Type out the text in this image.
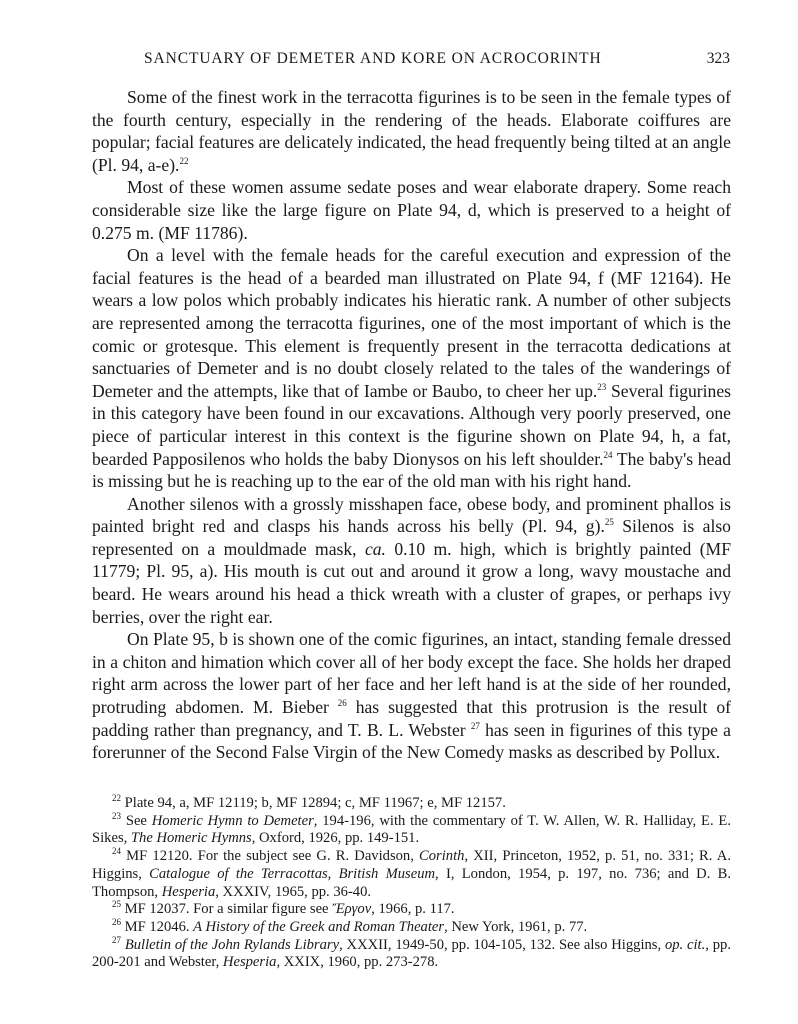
SANCTUARY OF DEMETER AND KORE ON ACROCORINTH	323

Some of the finest work in the terracotta figurines is to be seen in the female types of the fourth century, especially in the rendering of the heads. Elaborate coiffures are popular; facial features are delicately indicated, the head frequently being tilted at an angle (Pl. 94, a-e).$^{22}$

Most of these women assume sedate poses and wear elaborate drapery. Some reach considerable size like the large figure on Plate 94, d, which is preserved to a height of 0.275 m. (MF 11786).

On a level with the female heads for the careful execution and expression of the facial features is the head of a bearded man illustrated on Plate 94, f (MF 12164). He wears a low polos which probably indicates his hieratic rank. A number of other subjects are represented among the terracotta figurines, one of the most important of which is the comic or grotesque. This element is frequently present in the terracotta dedications at sanctuaries of Demeter and is no doubt closely related to the tales of the wanderings of Demeter and the attempts, like that of Iambe or Baubo, to cheer her up.$^{23}$ Several figurines in this category have been found in our excavations. Although very poorly preserved, one piece of particular interest in this context is the figurine shown on Plate 94, h, a fat, bearded Papposilenos who holds the baby Dionysos on his left shoulder.$^{24}$ The baby's head is missing but he is reaching up to the ear of the old man with his right hand.

Another silenos with a grossly misshapen face, obese body, and prominent phallos is painted bright red and clasps his hands across his belly (Pl. 94, g).$^{25}$ Silenos is also represented on a mouldmade mask, ca. 0.10 m. high, which is brightly painted (MF 11779; Pl. 95, a). His mouth is cut out and around it grow a long, wavy moustache and beard. He wears around his head a thick wreath with a cluster of grapes, or perhaps ivy berries, over the right ear.

On Plate 95, b is shown one of the comic figurines, an intact, standing female dressed in a chiton and himation which cover all of her body except the face. She holds her draped right arm across the lower part of her face and her left hand is at the side of her rounded, protruding abdomen. M. Bieber $^{26}$ has suggested that this protrusion is the result of padding rather than pregnancy, and T. B. L. Webster $^{27}$ has seen in figurines of this type a forerunner of the Second False Virgin of the New Comedy masks as described by Pollux.

$^{22}$ Plate 94, a, MF 12119; b, MF 12894; c, MF 11967; e, MF 12157.

$^{23}$ See Homeric Hymn to Demeter, 194-196, with the commentary of T. W. Allen, W. R. Halliday, E. E. Sikes, The Homeric Hymns, Oxford, 1926, pp. 149-151.

$^{24}$ MF 12120. For the subject see G. R. Davidson, Corinth, XII, Princeton, 1952, p. 51, no. 331; R. A. Higgins, Catalogue of the Terracottas, British Museum, I, London, 1954, p. 197, no. 736; and D. B. Thompson, Hesperia, XXXIV, 1965, pp. 36-40.

$^{25}$ MF 12037. For a similar figure see Ἔργον, 1966, p. 117.

$^{26}$ MF 12046. A History of the Greek and Roman Theater, New York, 1961, p. 77.

$^{27}$ Bulletin of the John Rylands Library, XXXII, 1949-50, pp. 104-105, 132. See also Higgins, op. cit., pp. 200-201 and Webster, Hesperia, XXIX, 1960, pp. 273-278.
